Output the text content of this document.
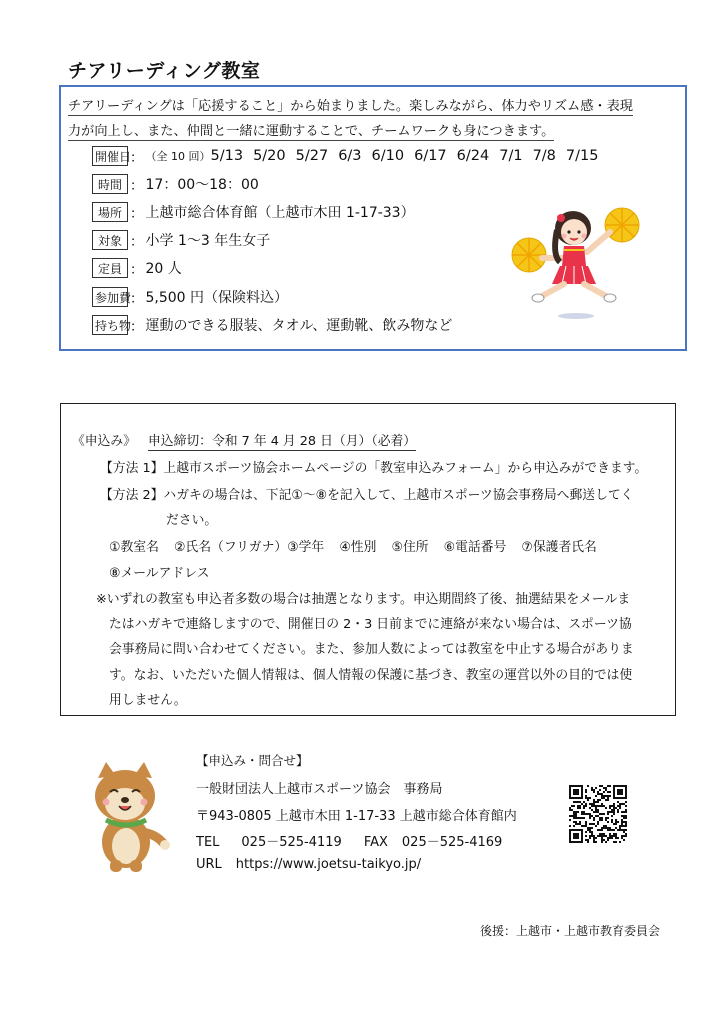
チアリーディング教室
チアリーディングは「応援すること」から始まりました。楽しみながら、体力やリズム感・表現
力が向上し、また、仲間と一緒に運動することで、チームワークも身につきます。
開催日
： （全 10 回） 5/13 5/20 5/27 6/3 6/10 6/17 6/24 7/1 7/8 7/15
時間 ： 17：00〜18：00
場所 ： 上越市総合体育館（上越市木田 1-17-33）
対象 ： 小学 1〜3 年生女子
定員 ： 20 人
参加費
： 5,500 円（保険料込）
持ち物
： 運動のできる服装、タオル、運動靴、飲み物など
《申込み》 申込締切：令和 7 年 4 月 28 日（月）（必着）
【方法 1】上越市スポーツ協会ホームページの「教室申込みフォーム」から申込みができます。
【方法 2】ハガキの場合は、下記①〜⑧を記入して、上越市スポーツ協会事務局へ郵送してく
ださい。
①教室名 ②氏名（フリガナ）③学年 ④性別 ⑤住所 ⑥電話番号 ⑦保護者氏名
⑧メールアドレス
※いずれの教室も申込者多数の場合は抽選となります。申込期間終了後、抽選結果をメールま
たはハガキで連絡しますので、開催日の 2・3 日前までに連絡が来ない場合は、スポーツ協
会事務局に問い合わせてください。また、参加人数によっては教室を中止する場合がありま
す。なお、いただいた個人情報は、個人情報の保護に基づき、教室の運営以外の目的では使
用しません。
【申込み・問合せ】
一般財団法人上越市スポーツ協会　事務局
〒943-0805 上越市木田 1-17-33 上越市総合体育館内
TEL 025－525-4119 FAX 025－525-4169
URL https://www.joetsu-taikyo.jp/
後援：上越市・上越市教育委員会
